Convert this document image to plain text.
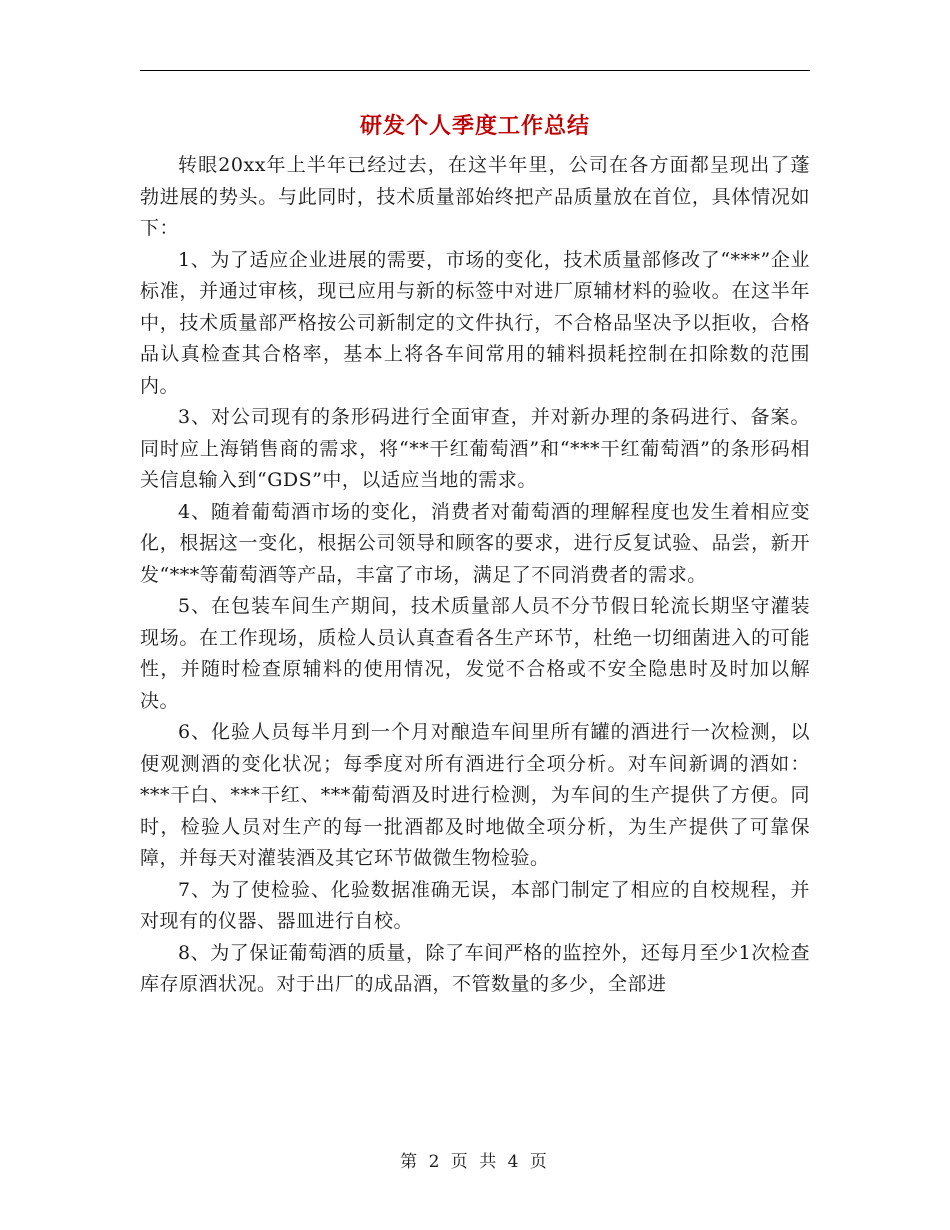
研发个人季度工作总结

转眼20xx年上半年已经过去，在这半年里，公司在各方面都呈现出了蓬勃进展的势头。与此同时，技术质量部始终把产品质量放在首位，具体情况如下：

1、为了适应企业进展的需要，市场的变化，技术质量部修改了“***”企业标准，并通过审核，现已应用与新的标签中对进厂原辅材料的验收。在这半年中，技术质量部严格按公司新制定的文件执行，不合格品坚决予以拒收，合格品认真检查其合格率，基本上将各车间常用的辅料损耗控制在扣除数的范围内。

3、对公司现有的条形码进行全面审查，并对新办理的条码进行、备案。同时应上海销售商的需求，将“**干红葡萄酒”和“***干红葡萄酒”的条形码相关信息输入到“GDS”中，以适应当地的需求。

4、随着葡萄酒市场的变化，消费者对葡萄酒的理解程度也发生着相应变化，根据这一变化，根据公司领导和顾客的要求，进行反复试验、品尝，新开发“***等葡萄酒等产品，丰富了市场，满足了不同消费者的需求。

5、在包装车间生产期间，技术质量部人员不分节假日轮流长期坚守灌装现场。在工作现场，质检人员认真查看各生产环节，杜绝一切细菌进入的可能性，并随时检查原辅料的使用情况，发觉不合格或不安全隐患时及时加以解决。

6、化验人员每半月到一个月对酿造车间里所有罐的酒进行一次检测，以便观测酒的变化状况；每季度对所有酒进行全项分析。对车间新调的酒如：***干白、***干红、***葡萄酒及时进行检测，为车间的生产提供了方便。同时，检验人员对生产的每一批酒都及时地做全项分析，为生产提供了可靠保障，并每天对灌装酒及其它环节做微生物检验。

7、为了使检验、化验数据准确无误，本部门制定了相应的自校规程，并对现有的仪器、器皿进行自校。

8、为了保证葡萄酒的质量，除了车间严格的监控外，还每月至少1次检查库存原酒状况。对于出厂的成品酒，不管数量的多少，全部进

第 2 页 共 4 页
